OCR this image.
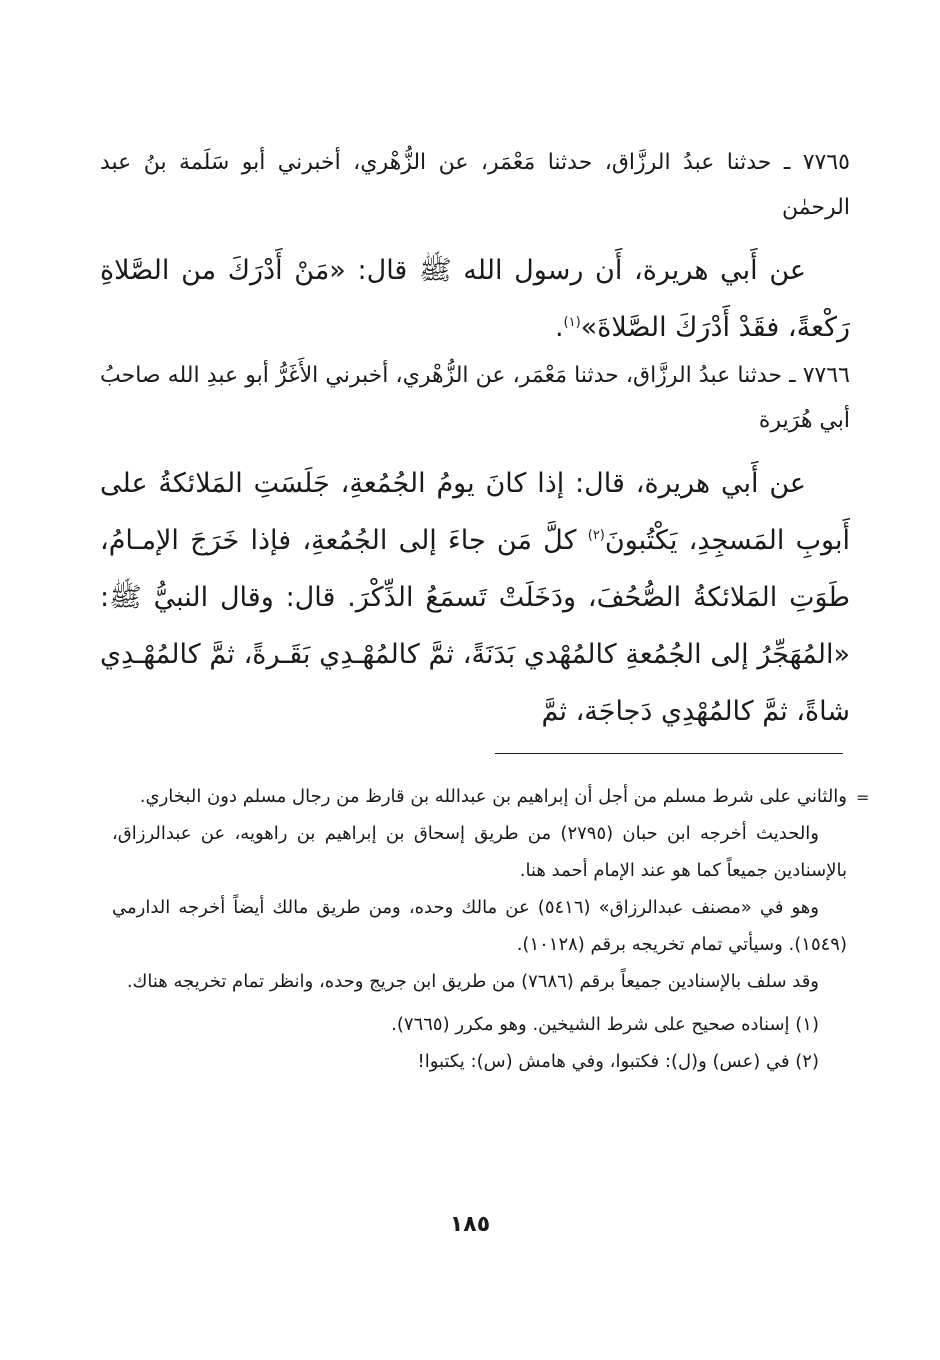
٧٧٦٥ ـ حدثنا عبدُ الرزَّاق، حدثنا مَعْمَر، عن الزُّهْري، أخبرني أبو سَلَمة بنُ عبد الرحمٰن
عن أَبي هريرة، أَن رسول الله ﷺ قال: «مَنْ أَدْرَكَ من الصَّلاةِ رَكْعةً، فقَدْ أَدْرَكَ الصَّلاةَ»$^{(١)}$.
٧٧٦٦ ـ حدثنا عبدُ الرزَّاق، حدثنا مَعْمَر، عن الزُّهْري، أخبرني الأَغَرُّ أبو عبدِ الله صاحبُ أبي هُرَيرة
عن أَبي هريرة، قال: إذا كانَ يومُ الجُمُعةِ، جَلَسَتِ المَلائكةُ على أَبوبِ المَسجِدِ، يَكْتُبونَ$^{(٢)}$ كلَّ مَن جاءَ إلى الجُمُعةِ، فإذا خَرَجَ الإمـامُ، طَوَتِ المَلائكةُ الصُّحُفَ، ودَخَلَتْ تَسمَعُ الذِّكْرَ. قال: وقال النبيُّ ﷺ: «المُهَجِّرُ إلى الجُمُعةِ كالمُهْدي بَدَنَةً، ثمَّ كالمُهْـدِي بَقَـرةً، ثمَّ كالمُهْـدِي شاةً، ثمَّ كالمُهْدِي دَجاجَة، ثمَّ
=

والثاني على شرط مسلم من أجل أن إبراهيم بن عبدالله بن قارظ من رجال مسلم دون البخاري.

والحديث أخرجه ابن حبان (٢٧٩٥) من طريق إسحاق بن إبراهيم بن راهويه، عن عبدالرزاق، بالإسنادين جميعاً كما هو عند الإمام أحمد هنا.

وهو في «مصنف عبدالرزاق» (٥٤١٦) عن مالك وحده، ومن طريق مالك أيضاً أخرجه الدارمي (١٥٤٩). وسيأتي تمام تخريجه برقم (١٠١٢٨).

وقد سلف بالإسنادين جميعاً برقم (٧٦٨٦) من طريق ابن جريج وحده، وانظر تمام تخريجه هناك.

(١) إسناده صحيح على شرط الشيخين. وهو مكرر (٧٦٦٥).

(٢) في (عس) و(ل): فكتبوا، وفي هامش (س): يكتبوا!

١٨٥
